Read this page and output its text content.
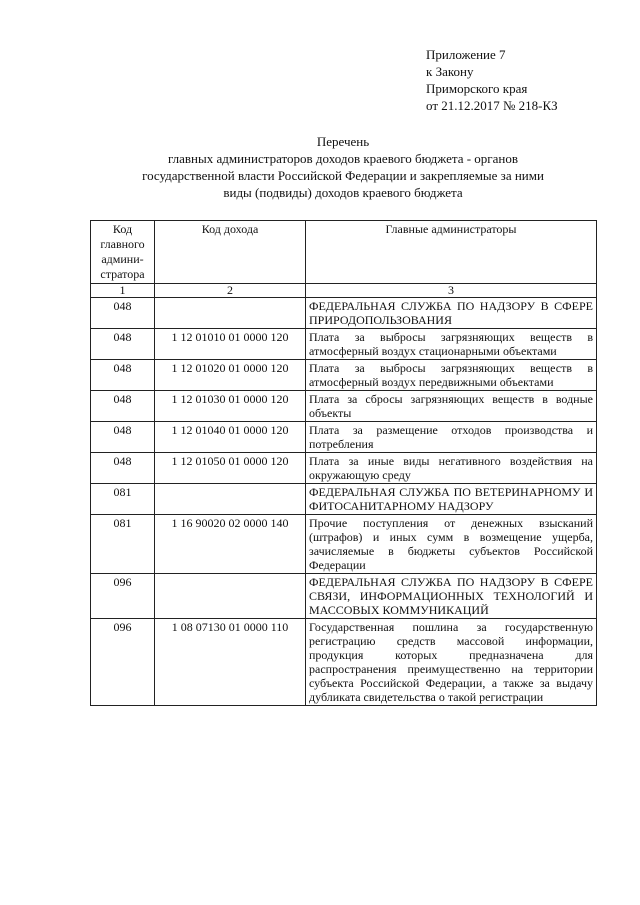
Приложение 7
к Закону
Приморского края
от 21.12.2017 № 218-КЗ
Перечень
главных администраторов доходов краевого бюджета - органов
государственной власти Российской Федерации и закрепляемые за ними
виды (подвиды) доходов краевого бюджета
Код
главного
админи-
стратора	Код дохода	Главные администраторы
1	2	3
048		ФЕДЕРАЛЬНАЯ СЛУЖБА ПО НАДЗОРУ В СФЕРЕ ПРИРОДОПОЛЬЗОВАНИЯ
048	1 12 01010 01 0000 120	Плата за выбросы загрязняющих веществ в атмосферный воздух стационарными объектами
048	1 12 01020 01 0000 120	Плата за выбросы загрязняющих веществ в атмосферный воздух передвижными объектами
048	1 12 01030 01 0000 120	Плата за сбросы загрязняющих веществ в водные объекты
048	1 12 01040 01 0000 120	Плата за размещение отходов производства и потребления
048	1 12 01050 01 0000 120	Плата за иные виды негативного воздействия на окружающую среду
081		ФЕДЕРАЛЬНАЯ СЛУЖБА ПО ВЕТЕРИНАРНОМУ И ФИТОСАНИТАРНОМУ НАДЗОРУ
081	1 16 90020 02 0000 140	Прочие поступления от денежных взысканий (штрафов) и иных сумм в возмещение ущерба, зачисляемые в бюджеты субъектов Российской Федерации
096		ФЕДЕРАЛЬНАЯ СЛУЖБА ПО НАДЗОРУ В СФЕРЕ СВЯЗИ, ИНФОРМАЦИОННЫХ ТЕХНОЛОГИЙ И МАССОВЫХ КОММУНИКАЦИЙ
096	1 08 07130 01 0000 110	Государственная пошлина за государственную регистрацию средств массовой информации, продукция которых предназначена для распространения преимущественно на территории субъекта Российской Федерации, а также за выдачу дубликата свидетельства о такой регистрации
